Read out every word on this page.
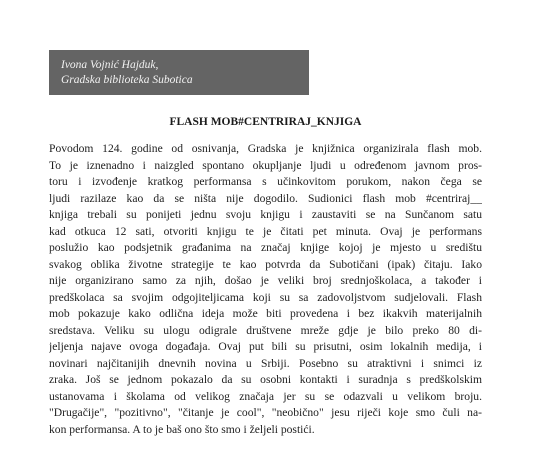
Ivona Vojnić Hajduk,
Gradska biblioteka Subotica
FLASH MOB#CENTRIRAJ_KNJIGA
Povodom 124. godine od osnivanja, Gradska je knjižnica organizirala flash mob.
To je iznenadno i naizgled spontano okupljanje ljudi u određenom javnom pros-
toru i izvođenje kratkog performansa s učinkovitom porukom, nakon čega se
ljudi razilaze kao da se ništa nije dogodilo. Sudionici flash mob #centriraj__
knjiga trebali su ponijeti jednu svoju knjigu i zaustaviti se na Sunčanom satu
kad otkuca 12 sati, otvoriti knjigu te je čitati pet minuta. Ovaj je performans
poslužio kao podsjetnik građanima na značaj knjige kojoj je mjesto u središtu
svakog oblika životne strategije te kao potvrda da Subotičani (ipak) čitaju. Iako
nije organizirano samo za njih, došao je veliki broj srednjoškolaca, a također i
predškolaca sa svojim odgojiteljicama koji su sa zadovoljstvom sudjelovali. Flash
mob pokazuje kako odlična ideja može biti provedena i bez ikakvih materijalnih
sredstava. Veliku su ulogu odigrale društvene mreže gdje je bilo preko 80 di-
jeljenja najave ovoga događaja. Ovaj put bili su prisutni, osim lokalnih medija, i
novinari najčitanijih dnevnih novina u Srbiji. Posebno su atraktivni i snimci iz
zraka. Još se jednom pokazalo da su osobni kontakti i suradnja s predškolskim
ustanovama i školama od velikog značaja jer su se odazvali u velikom broju.
"Drugačije", "pozitivno", "čitanje je cool", "neobično" jesu riječi koje smo čuli na-
kon performansa. A to je baš ono što smo i željeli postići.
